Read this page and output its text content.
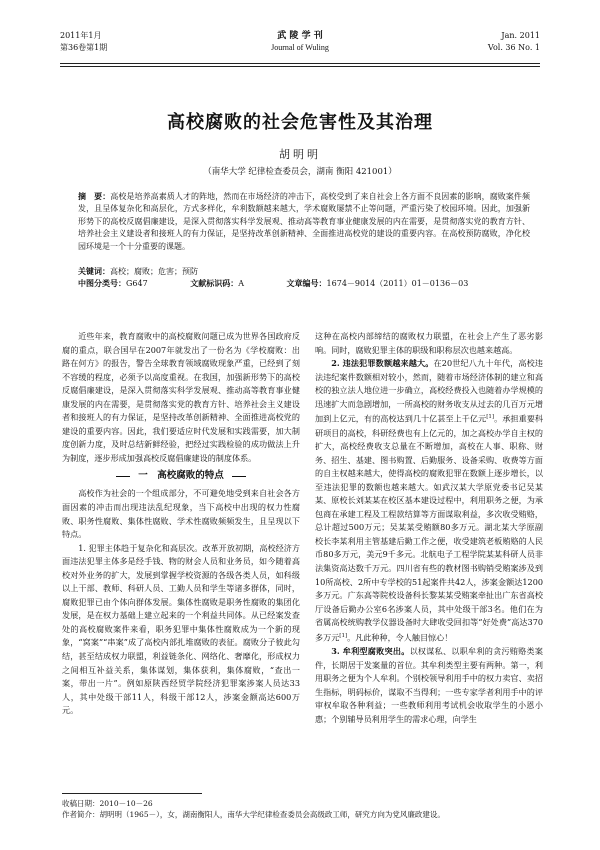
2011年1月
第36卷第1期
武 陵 学 刊
Journal of Wuling
Jan. 2011
Vol. 36 No. 1
高校腐败的社会危害性及其治理
胡明明
（南华大学 纪律检查委员会，湖南 衡阳 421001）
摘　要：高校是培养高素质人才的阵地，然而在市场经济的冲击下，高校受到了来自社会上各方面不良因素的影响，腐败案件频发，且呈体复杂化和高层化，方式多样化，牟利数额越来越大，学术腐败屡禁不止等问题，严重污染了校园环境。因此，加强新形势下的高校反腐倡廉建设，是深入贯彻落实科学发展观、推动高等教育事业健康发展的内在需要，是贯彻落实党的教育方针、培养社会主义建设者和接班人的有力保证，是坚持改革创新精神、全面推进高校党的建设的重要内容。在高校预防腐败，净化校园环境是一个十分重要的课题。
关键词：高校；腐败；危害；预防
中图分类号：G647	文献标识码：A	文章编号：1674－9014（2011）01－0136－03

近些年来，教育腐败中的高校腐败问题已成为世界各国政府反腐的重点，联合国早在2007年就发出了一份名为《学校腐败：出路在何方》的报告，警告全球教育领域腐败现象严重，已经到了刻不容缓的程度，必须予以高度重视。在我国，加强新形势下的高校反腐倡廉建设，是深入贯彻落实科学发展观、推动高等教育事业健康发展的内在需要，是贯彻落实党的教育方针、培养社会主义建设者和接班人的有力保证，是坚持改革创新精神、全面推进高校党的建设的重要内容。因此，我们要适应时代发展和实践需要，加大制度创新力度，及时总结新鲜经验，把经过实践检验的成功做法上升为制度，逐步形成加强高校反腐倡廉建设的制度体系。

一　高校腐败的特点

高校作为社会的一个组成部分，不可避免地受到来自社会各方面因素的冲击而出现违法乱纪现象，当下高校中出现的权力性腐败、职务性腐败、集体性腐败、学术性腐败频频发生，且呈现以下特点。

1. 犯罪主体趋于复杂化和高层次。改革开放初期，高校经济方面违法犯罪主体多是经手钱、物的财会人员和业务员，如今随着高校对外业务的扩大，发展到掌握学校资源的各级各类人员，如科级以上干部、教师、科研人员、工勤人员和学生等诸多群体，同时，腐败犯罪已由个体向群体发展。集体性腐败是职务性腐败的集团化发展，是在权力基础上建立起来的一个利益共同体。从已经案发查处的高校腐败案件来看，职务犯罪中集体性腐败成为一个新的现象，“窝案”“串案”成了高校内部扎堆腐败的表征。腐败分子彼此勾结，甚至结成权力联盟，利益链条化、网络化、奢靡化，形成权力之间相互补益关系，集体谋划，集体获利，集体腐败，“查出一案，带出一片”。例如原陕西经贸学院经济犯罪案涉案人员达33人，其中处级干部11人，科级干部12人，涉案金额高达600万元。

这种在高校内部缔结的腐败权力联盟，在社会上产生了恶劣影响。同时，腐败犯罪主体的职级和职称层次也越来越高。

2. 违法犯罪数额越来越大。在20世纪八九十年代，高校违法违纪案件数额相对较小，然而，随着市场经济体制的建立和高校的独立法人地位进一步确立，高校经费投入也随着办学规模的迅速扩大而急剧增加，一所高校的财务收支从过去的几百万元增加到上亿元，有的高校达到几十亿甚至上千亿元[1]。承担重要科研项目的高校，科研经费也有上亿元的，加之高校办学自主权的扩大，高校经费收支总量在不断增加，高校在人事、职称、财务、招生、基建、图书购置、后勤服务、设备采购、收费等方面的自主权越来越大，使得高校的腐败犯罪在数额上逐步增长，以至违法犯罪的数额也越来越大。如武汉某大学原党委书记吴某某、原校长刘某某在校区基本建设过程中，利用职务之便，为承包商在承建工程及工程款结算等方面谋取利益，多次收受贿赂，总计超过500万元；吴某某受贿额80多万元。湖北某大学原副校长李某利用主管基建后勤工作之便，收受建筑老板贿赂的人民币80多万元，美元9千多元。北航电子工程学院某某科研人员非法集资高达数千万元。四川省有些的教材图书购销受贿案涉及到10所高校、2所中专学校的51起案件共42人，涉案金额达1200多万元。广东高等院校设备科长黎某某受贿案牵扯出广东省高校厅设备后勤办公室6名涉案人员，其中处级干部3名。他们在为省属高校统购教学仪器设备时大肆收受回扣等“好处费”高达370多万元[1]。凡此种种，令人触目惊心！

3. 牟利型腐败突出。以权谋私、以职牟利的贪污贿赂类案件，长期居于发案量的首位。其牟利类型主要有两种。第一，利用职务之便为个人牟利。个别校领导利用手中的权力卖官、卖招生指标，明码标价，谋取不当得利；一些专家学者利用手中的评审权牟取各种利益；一些教师利用考试机会收取学生的小恩小惠；个别辅导员利用学生的需求心理，向学生

收稿日期：2010－10－26
作者简介：胡明明（1965－），女，湖南衡阳人，南华大学纪律检查委员会高级政工师，研究方向为党风廉政建设。
